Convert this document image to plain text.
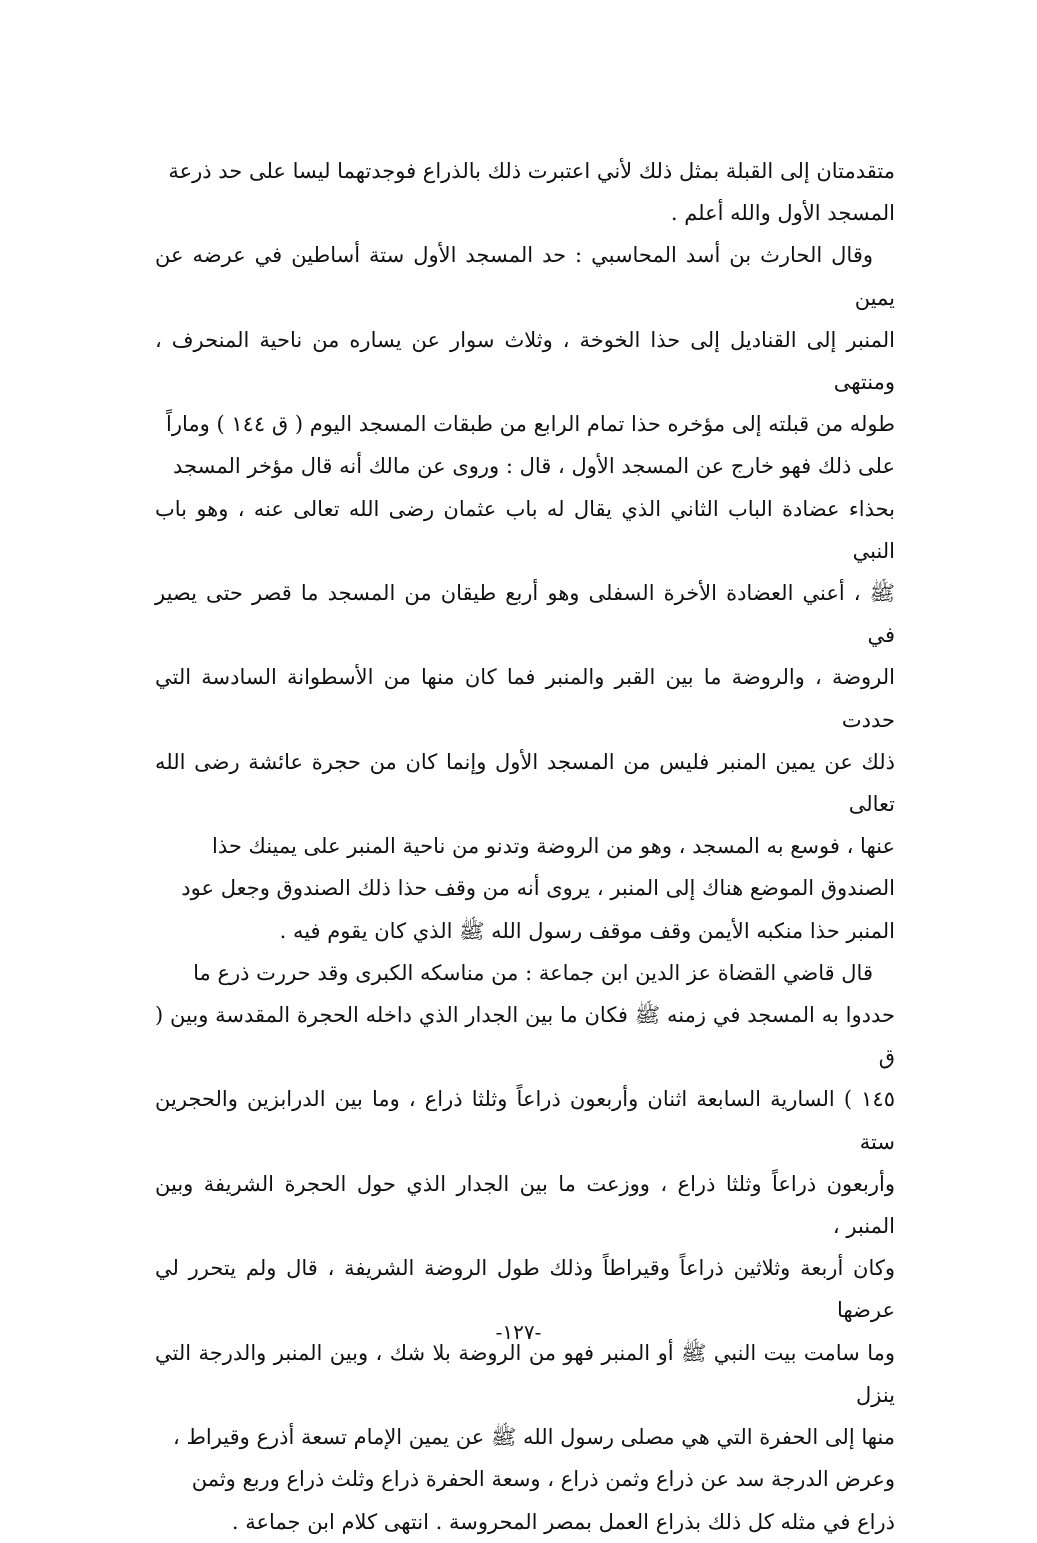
متقدمتان إلى القبلة بمثل ذلك لأني اعتبرت ذلك بالذراع فوجدتهما ليسا على حد ذرعة
المسجد الأول والله أعلم .

وقال الحارث بن أسد المحاسبي : حد المسجد الأول ستة أساطين في عرضه عن يمين
المنبر إلى القناديل إلى حذا الخوخة ، وثلاث سوار عن يساره من ناحية المنحرف ، ومنتهى
طوله من قبلته إلى مؤخره حذا تمام الرابع من طبقات المسجد اليوم ( ق ١٤٤ ) وماراً
على ذلك فهو خارج عن المسجد الأول ، قال : وروى عن مالك أنه قال مؤخر المسجد
بحذاء عضادة الباب الثاني الذي يقال له باب عثمان رضى الله تعالى عنه ، وهو باب النبي
ﷺ ، أعني العضادة الأخرة السفلى وهو أربع طيقان من المسجد ما قصر حتى يصير في
الروضة ، والروضة ما بين القبر والمنبر فما كان منها من الأسطوانة السادسة التي حددت
ذلك عن يمين المنبر فليس من المسجد الأول وإنما كان من حجرة عائشة رضى الله تعالى
عنها ، فوسع به المسجد ، وهو من الروضة وتدنو من ناحية المنبر على يمينك حذا
الصندوق الموضع هناك إلى المنبر ، يروى أنه من وقف حذا ذلك الصندوق وجعل عود
المنبر حذا منكبه الأيمن وقف موقف رسول الله ﷺ الذي كان يقوم فيه .

قال قاضي القضاة عز الدين ابن جماعة : من مناسكه الكبرى وقد حررت ذرع ما
حددوا به المسجد في زمنه ﷺ فكان ما بين الجدار الذي داخله الحجرة المقدسة وبين ( ق
١٤٥ ) السارية السابعة اثنان وأربعون ذراعاً وثلثا ذراع ، وما بين الدرابزين والحجرين ستة
وأربعون ذراعاً وثلثا ذراع ، ووزعت ما بين الجدار الذي حول الحجرة الشريفة وبين المنبر ،
وكان أربعة وثلاثين ذراعاً وقيراطاً وذلك طول الروضة الشريفة ، قال ولم يتحرر لي عرضها
وما سامت بيت النبي ﷺ أو المنبر فهو من الروضة بلا شك ، وبين المنبر والدرجة التي ينزل
منها إلى الحفرة التي هي مصلى رسول الله ﷺ عن يمين الإمام تسعة أذرع وقيراط ،
وعرض الدرجة سد عن ذراع وثمن ذراع ، وسعة الحفرة ذراع وثلث ذراع وربع وثمن
ذراع في مثله كل ذلك بذراع العمل بمصر المحروسة . انتهى كلام ابن جماعة .

-١٢٧-
